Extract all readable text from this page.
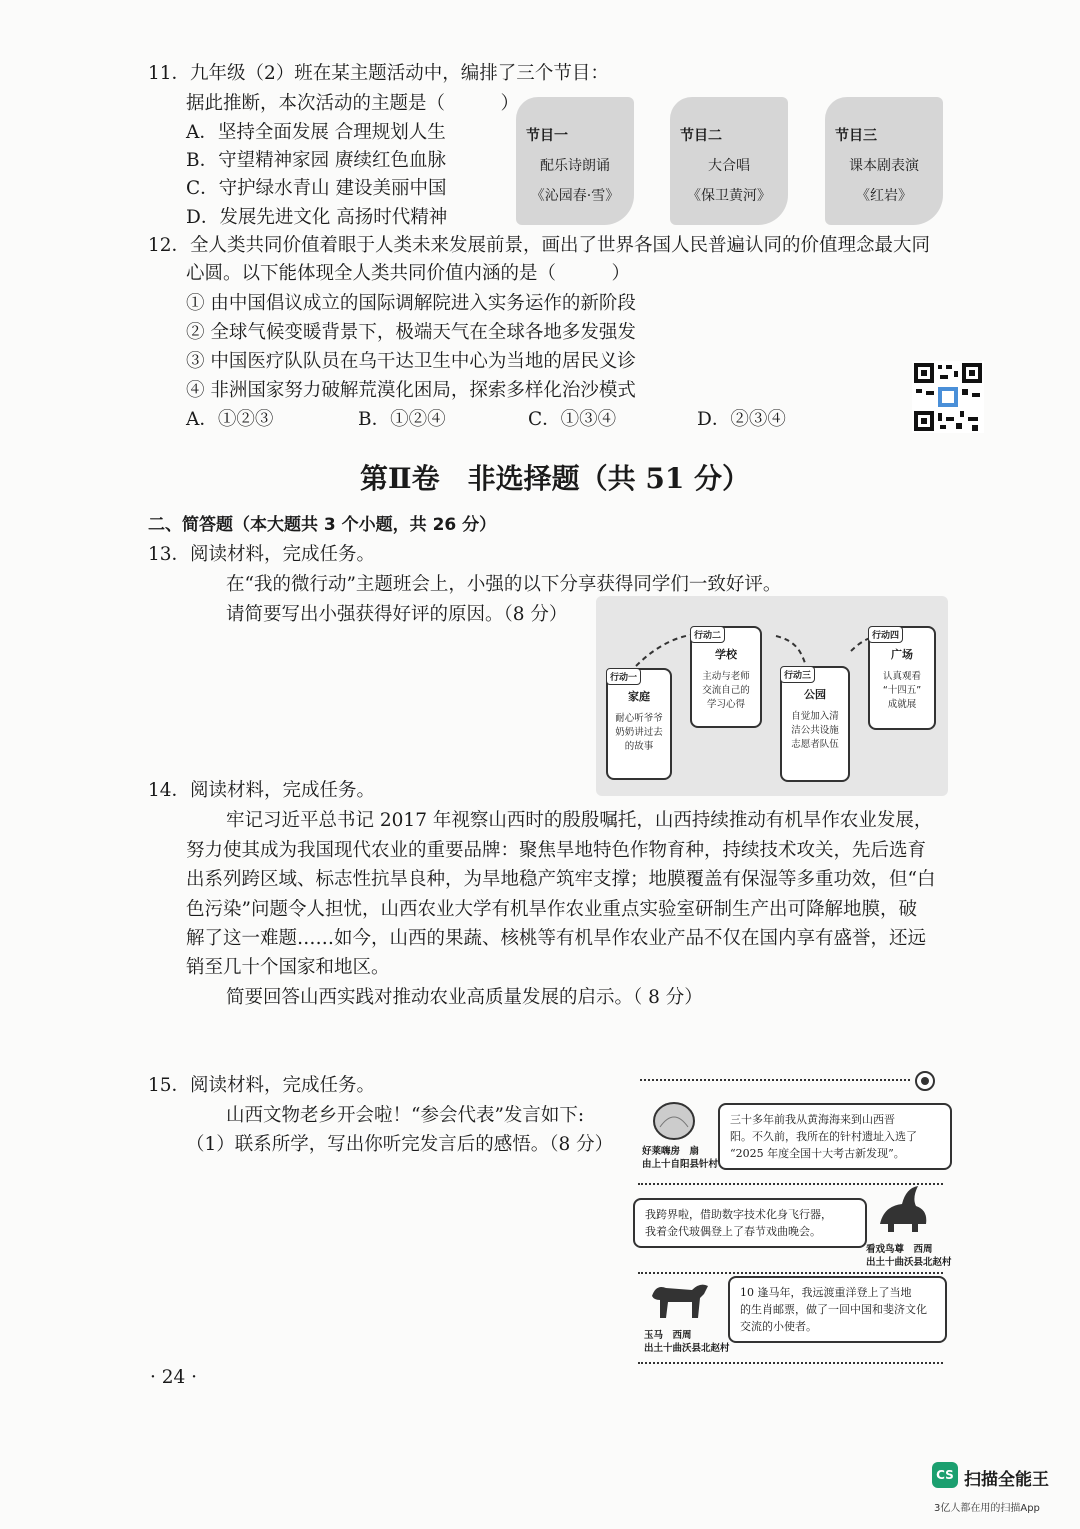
11．九年级（2）班在某主题活动中，编排了三个节目：
据此推断，本次活动的主题是（　　　）
A．坚持全面发展 合理规划人生
B．守望精神家园 赓续红色血脉
C．守护绿水青山 建设美丽中国
D．发展先进文化 高扬时代精神
节目一
配乐诗朗诵
《沁园春·雪》
节目二
大合唱
《保卫黄河》
节目三
课本剧表演
《红岩》
12．全人类共同价值着眼于人类未来发展前景，画出了世界各国人民普遍认同的价值理念最大同
心圆。以下能体现全人类共同价值内涵的是（　　　）
① 由中国倡议成立的国际调解院进入实务运作的新阶段
② 全球气候变暖背景下，极端天气在全球各地多发强发
③ 中国医疗队队员在乌干达卫生中心为当地的居民义诊
④ 非洲国家努力破解荒漠化困局，探索多样化治沙模式
A．①②③	B．①②④	C．①③④	D．②③④
第Ⅱ卷　非选择题（共 51 分）
二、简答题（本大题共 3 个小题，共 26 分）
13．阅读材料，完成任务。
在“我的微行动”主题班会上，小强的以下分享获得同学们一致好评。
请简要写出小强获得好评的原因。（8 分）
行动一
家庭
耐心听爷爷
奶奶讲过去
的故事
行动二
学校
主动与老师
交流自己的
学习心得
行动三
公园
自觉加入清
洁公共设施
志愿者队伍
行动四
广场
认真观看
“十四五”
成就展
14．阅读材料，完成任务。
牢记习近平总书记 2017 年视察山西时的殷殷嘱托，山西持续推动有机旱作农业发展，
努力使其成为我国现代农业的重要品牌：聚焦旱地特色作物育种，持续技术攻关，先后选育
出系列跨区域、标志性抗旱良种，为旱地稳产筑牢支撑；地膜覆盖有保湿等多重功效，但“白
色污染”问题令人担忧，山西农业大学有机旱作农业重点实验室研制生产出可降解地膜，破
解了这一难题……如今，山西的果蔬、核桃等有机旱作农业产品不仅在国内享有盛誉，还远
销至几十个国家和地区。
简要回答山西实践对推动农业高质量发展的启示。（ 8 分）
15．阅读材料，完成任务。
山西文物老乡开会啦！“参会代表”发言如下:
（1）联系所学，写出你听完发言后的感悟。（8 分）	好莱嗨房　扇
由上十自阳县针村
三十多年前我从黄海海来到山西晋
阳。不久前，我所在的针村遗址入选了
“2025 年度全国十大考古新发现”。
我跨界啦，借助数字技术化身飞行器，
我着金代玻偶登上了春节戏曲晚会。
看戏鸟尊　西周
出土十曲沃县北赵村
玉马　西周
出土十曲沃县北赵村
10 逢马年，我远渡重洋登上了当地
的生肖邮票，做了一回中国和斐济文化
交流的小使者。
· 24 ·
CS 扫描全能王
3亿人都在用的扫描App
